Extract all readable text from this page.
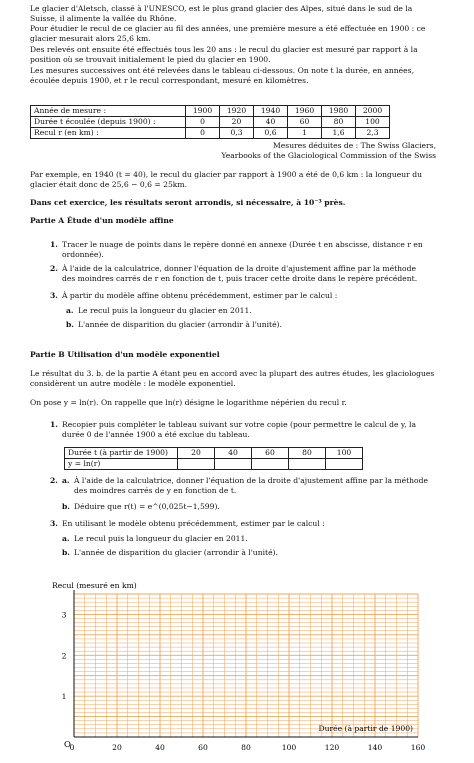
Le glacier d'Aletsch, classé à l'UNESCO, est le plus grand glacier des Alpes, situé dans le sud de la

Suisse, il alimente la vallée du Rhône.

Pour étudier le recul de ce glacier au fil des années, une première mesure a été effectuée en 1900 : ce

glacier mesurait alors 25,6 km.

Des relevés ont ensuite été effectués tous les 20 ans : le recul du glacier est mesuré par rapport à la

position où se trouvait initialement le pied du glacier en 1900.

Les mesures successives ont été relevées dans le tableau ci-dessous. On note t la durée, en années,

écoulée depuis 1900, et r le recul correspondant, mesuré en kilomètres.

Année de mesure :	1900	1920	1940	1960	1980	2000
Durée t écoulée (depuis 1900) :	0	20	40	60	80	100
Recul r (en km) :	0	0,3	0,6	1	1,6	2,3
Mesures déduites de : The Swiss Glaciers,
Yearbooks of the Glaciological Commission of the Swiss

Par exemple, en 1940 (t = 40), le recul du glacier par rapport à 1900 a été de 0,6 km : la longueur du

glacier était donc de 25,6 − 0,6 = 25km.

Dans cet exercice, les résultats seront arrondis, si nécessaire, à 10⁻³ près.

Partie A Étude d'un modèle affine

1. Tracer le nuage de points dans le repère donné en annexe (Durée t en abscisse, distance r en
ordonnée).
2. À l'aide de la calculatrice, donner l'équation de la droite d'ajustement affine par la méthode
des moindres carrés de r en fonction de t, puis tracer cette droite dans le repère précédent.
3. À partir du modèle affine obtenu précédemment, estimer par le calcul :
a. Le recul puis la longueur du glacier en 2011.
b. L'année de disparition du glacier (arrondir à l'unité).

Partie B Utilisation d'un modèle exponentiel

Le résultat du 3. b. de la partie A étant peu en accord avec la plupart des autres études, les glaciologues

considèrent un autre modèle : le modèle exponentiel.

On pose y = ln(r). On rappelle que ln(r) désigne le logarithme népérien du recul r.

1. Recopier puis compléter le tableau suivant sur votre copie (pour permettre le calcul de y, la
durée 0 de l'année 1900 a été exclue du tableau.
Durée t (à partir de 1900)	20	40	60	80	100
y = ln(r)					
2. a. À l'aide de la calculatrice, donner l'équation de la droite d'ajustement affine par la méthode
des moindres carrés de y en fonction de t.
b. Déduire que r(t) = e^(0,025t−1,599).
3. En utilisant le modèle obtenu précédemment, estimer par le calcul :
a. Le recul puis la longueur du glacier en 2011.
b. L'année de disparition du glacier (arrondir à l'unité).
Recul (mesuré en km)
Durée (à partir de 1900)
O
0	20	40	60	80	100	120	140	160
1
2
3
